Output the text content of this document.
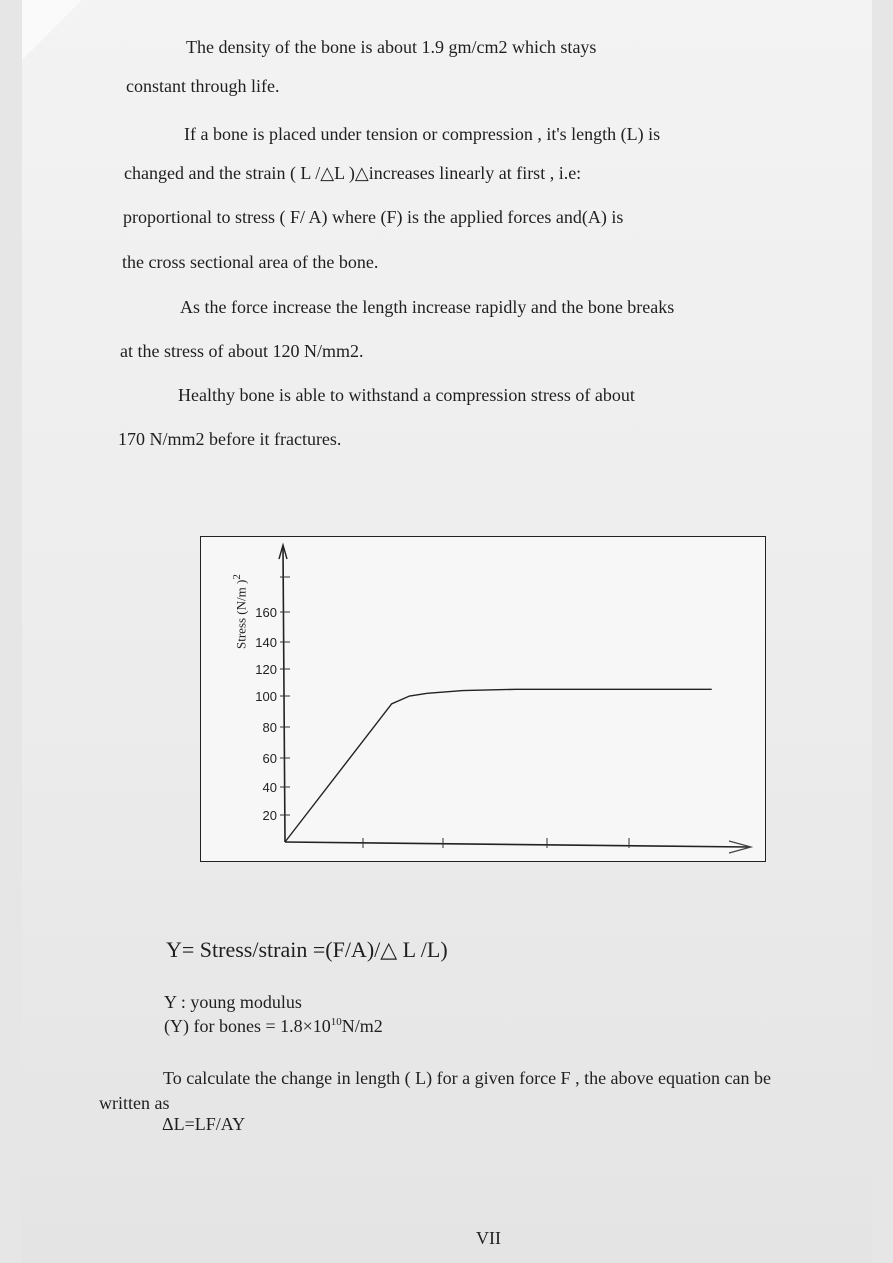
The density of the bone is about 1.9 gm/cm2 which stays
constant through life.
If a bone is placed under tension or compression , it's length (L) is
changed and the strain ( L /△L )△increases linearly at first , i.e:
proportional to stress ( F/ A) where (F) is the applied forces and(A) is
the cross sectional area of the bone.
As the force increase the length increase rapidly and the bone breaks
at the stress of about 120 N/mm2.
Healthy bone is able to withstand a compression stress of about
170 N/mm2 before it fractures.
160
140
120
100
80
60
40
20
Stress (N/m )$^2$
Y= Stress/strain =(F/A)/△ L /L)
Y : young modulus
(Y) for bones = $1.8\times 10^{10}N/m2$
To calculate the change in length ( L) for a given force F , the above equation can be
written as
ΔL=LF/AY
VII
